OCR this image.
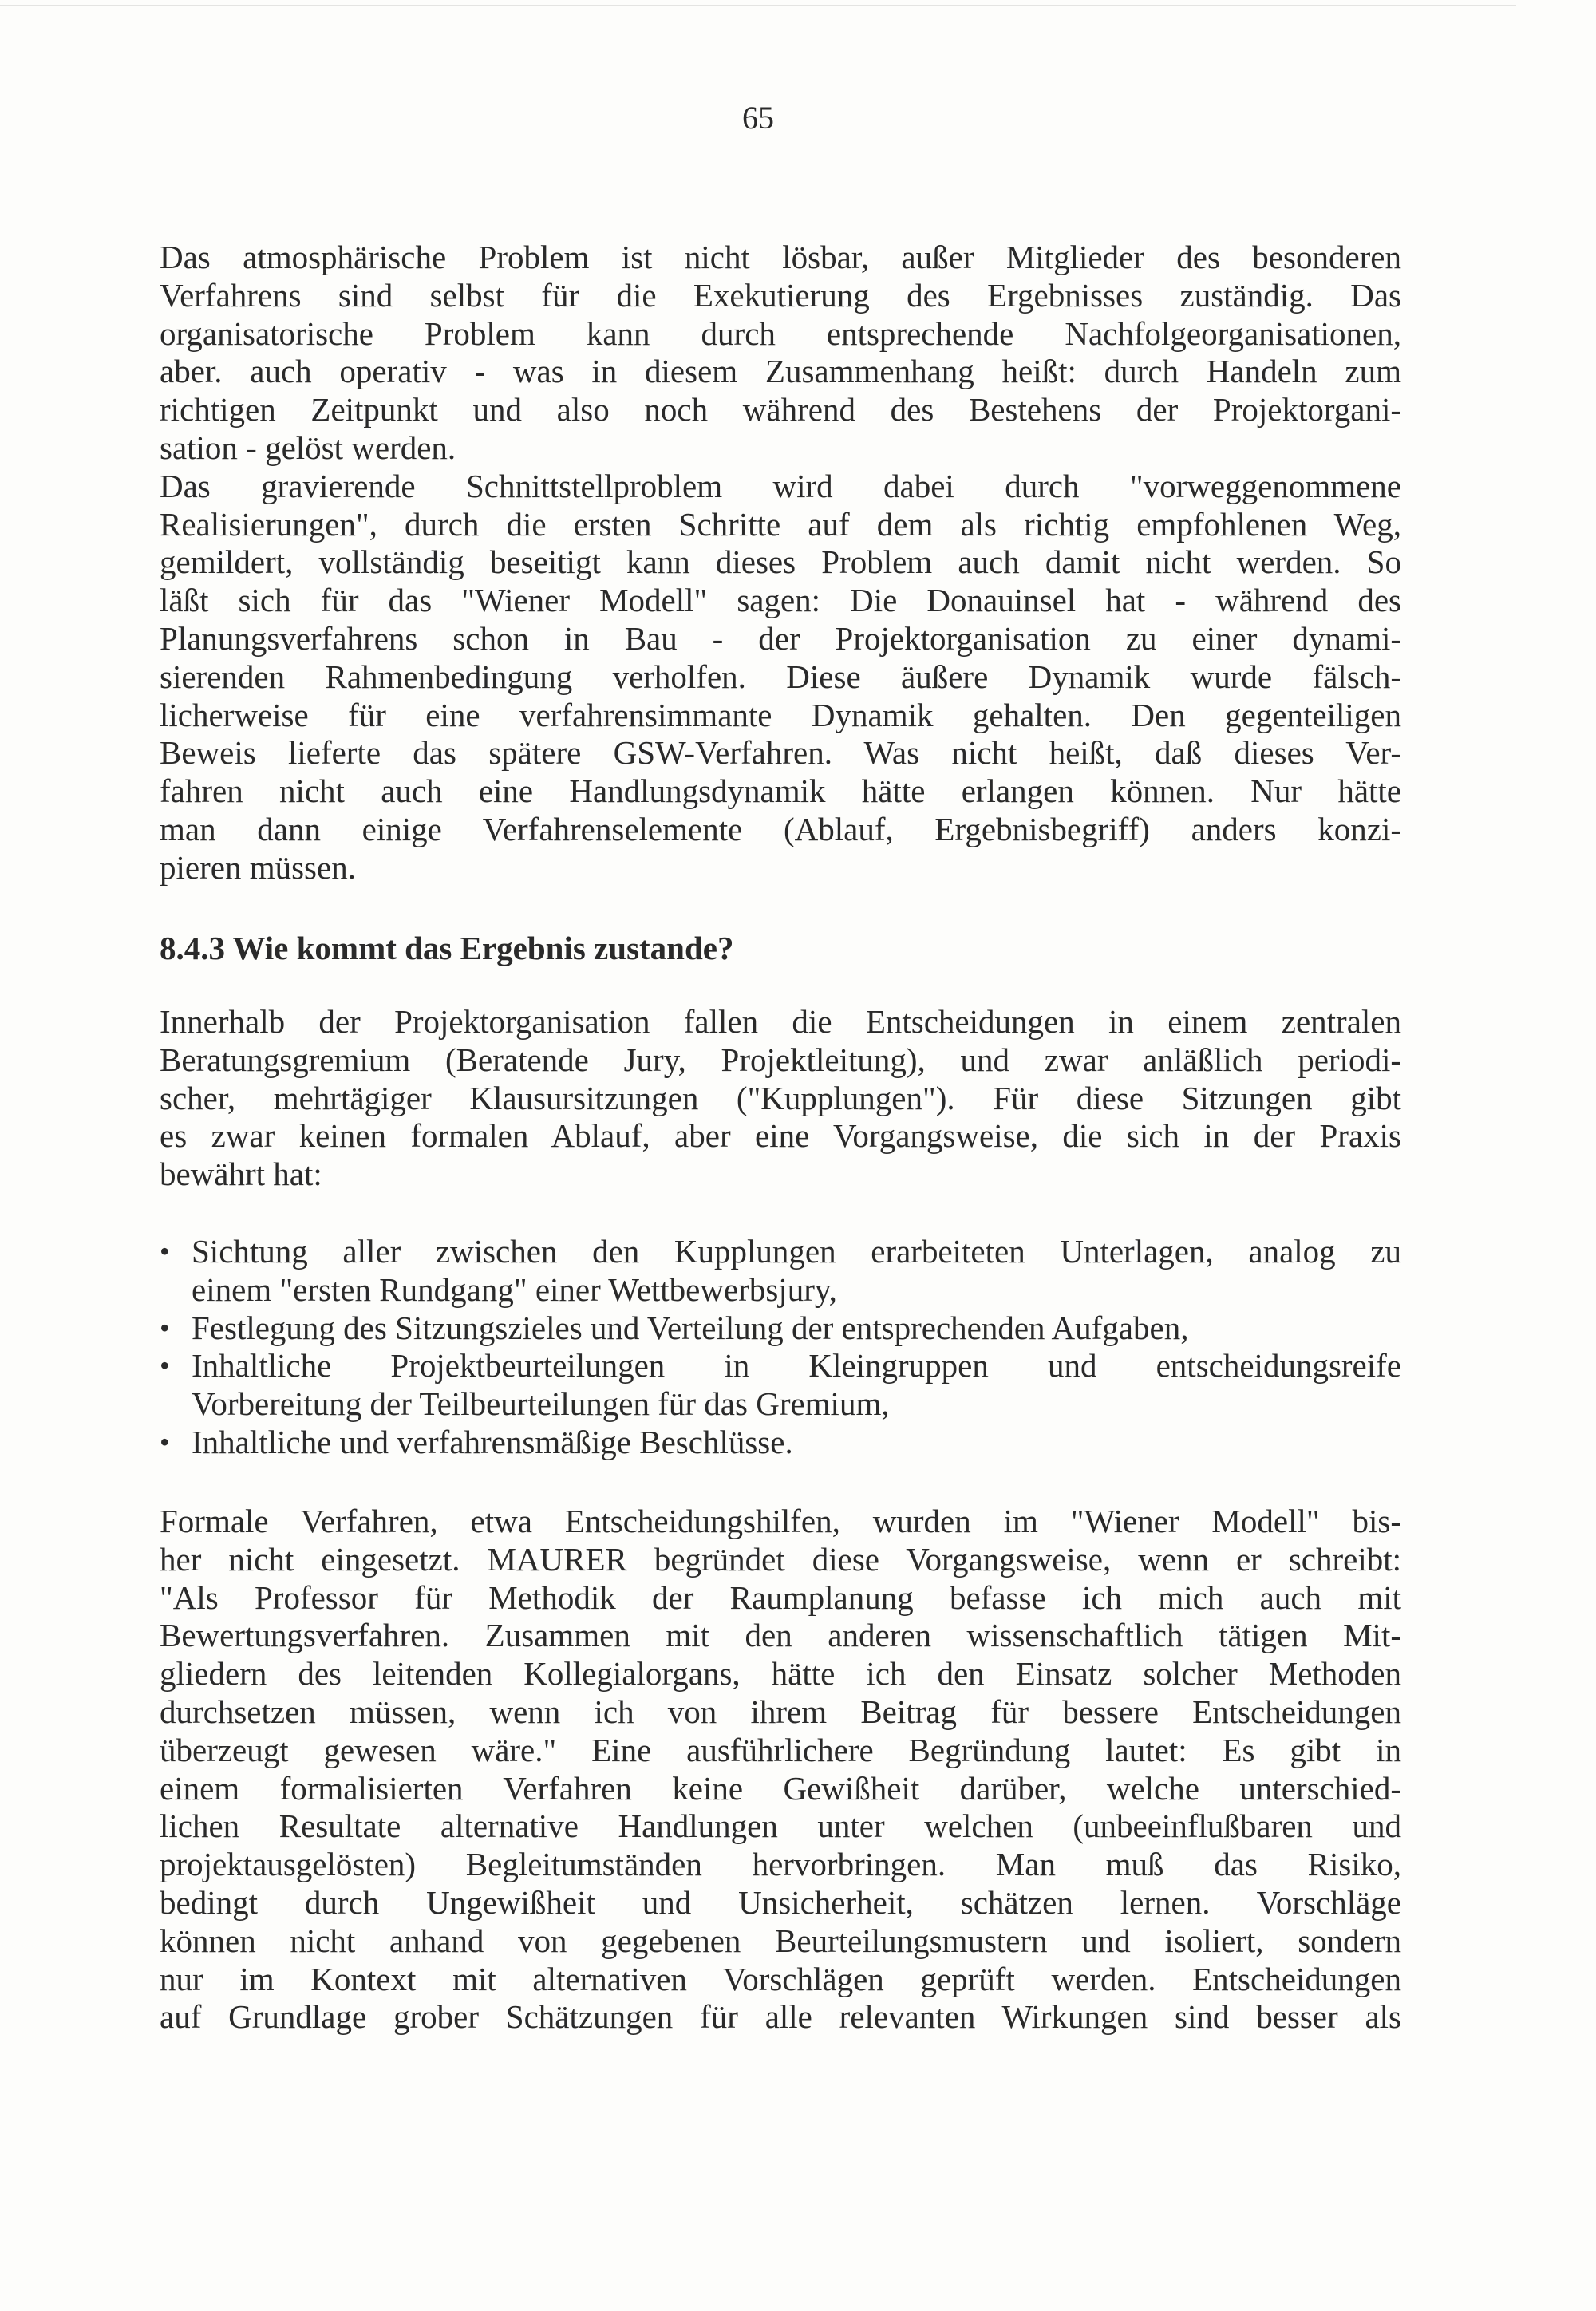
65
Das atmosphärische Problem ist nicht lösbar, außer Mitglieder des besonderen
Verfahrens sind selbst für die Exekutierung des Ergebnisses zuständig. Das
organisatorische Problem kann durch entsprechende Nachfolgeorganisationen,
aber. auch operativ - was in diesem Zusammenhang heißt: durch Handeln zum
richtigen Zeitpunkt und also noch während des Bestehens der Projektorgani-
sation - gelöst werden.
Das gravierende Schnittstellproblem wird dabei durch "vorweggenommene
Realisierungen", durch die ersten Schritte auf dem als richtig empfohlenen Weg,
gemildert, vollständig beseitigt kann dieses Problem auch damit nicht werden. So
läßt sich für das "Wiener Modell" sagen: Die Donauinsel hat - während des
Planungsverfahrens schon in Bau - der Projektorganisation zu einer dynami-
sierenden Rahmenbedingung verholfen. Diese äußere Dynamik wurde fälsch-
licherweise für eine verfahrensimmante Dynamik gehalten. Den gegenteiligen
Beweis lieferte das spätere GSW-Verfahren. Was nicht heißt, daß dieses Ver-
fahren nicht auch eine Handlungsdynamik hätte erlangen können. Nur hätte
man dann einige Verfahrenselemente (Ablauf, Ergebnisbegriff) anders konzi-
pieren müssen.
8.4.3 Wie kommt das Ergebnis zustande?
Innerhalb der Projektorganisation fallen die Entscheidungen in einem zentralen
Beratungsgremium (Beratende Jury, Projektleitung), und zwar anläßlich periodi-
scher, mehrtägiger Klausursitzungen ("Kupplungen"). Für diese Sitzungen gibt
es zwar keinen formalen Ablauf, aber eine Vorgangsweise, die sich in der Praxis
bewährt hat:
• Sichtung aller zwischen den Kupplungen erarbeiteten Unterlagen, analog zu
einem "ersten Rundgang" einer Wettbewerbsjury,
• Festlegung des Sitzungszieles und Verteilung der entsprechenden Aufgaben,
• Inhaltliche Projektbeurteilungen in Kleingruppen und entscheidungsreife
Vorbereitung der Teilbeurteilungen für das Gremium,
• Inhaltliche und verfahrensmäßige Beschlüsse.
Formale Verfahren, etwa Entscheidungshilfen, wurden im "Wiener Modell" bis-
her nicht eingesetzt. MAURER begründet diese Vorgangsweise, wenn er schreibt:
"Als Professor für Methodik der Raumplanung befasse ich mich auch mit
Bewertungsverfahren. Zusammen mit den anderen wissenschaftlich tätigen Mit-
gliedern des leitenden Kollegialorgans, hätte ich den Einsatz solcher Methoden
durchsetzen müssen, wenn ich von ihrem Beitrag für bessere Entscheidungen
überzeugt gewesen wäre." Eine ausführlichere Begründung lautet: Es gibt in
einem formalisierten Verfahren keine Gewißheit darüber, welche unterschied-
lichen Resultate alternative Handlungen unter welchen (unbeeinflußbaren und
projektausgelösten) Begleitumständen hervorbringen. Man muß das Risiko,
bedingt durch Ungewißheit und Unsicherheit, schätzen lernen. Vorschläge
können nicht anhand von gegebenen Beurteilungsmustern und isoliert, sondern
nur im Kontext mit alternativen Vorschlägen geprüft werden. Entscheidungen
auf Grundlage grober Schätzungen für alle relevanten Wirkungen sind besser als
